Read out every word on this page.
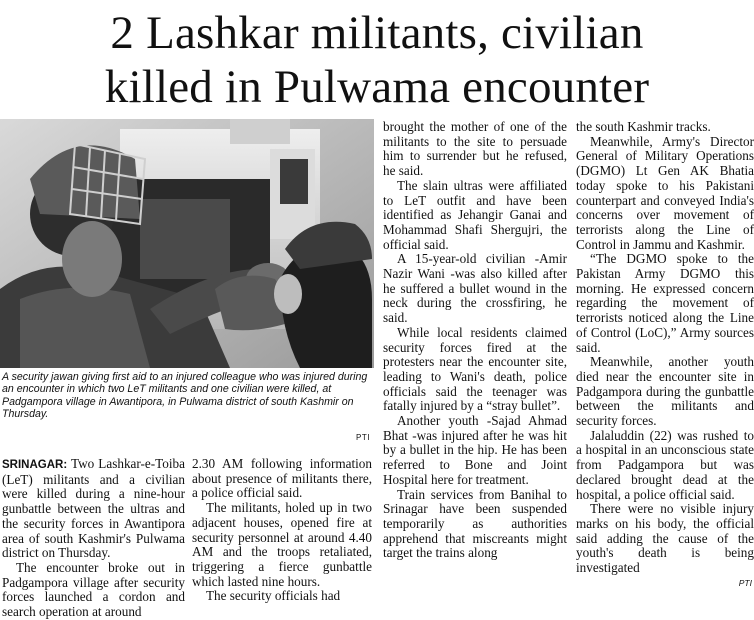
2 Lashkar militants, civilian
killed in Pulwama encounter
A security jawan giving first aid to an injured colleague who was injured during an encounter in which two LeT militants and one civilian were killed, at Padgampora village in Awantipora, in Pulwama district of south Kashmir on Thursday.
PTI

SRINAGAR: Two Lashkar-e-Toiba (LeT) militants and a civilian were killed during a nine-hour gunbattle between the ultras and the security forces in Awantipora area of south Kashmir's Pulwama district on Thursday.

The encounter broke out in Padgampora village after security forces launched a cordon and search operation at around

2.30 AM following information about presence of militants there, a police official said.

The militants, holed up in two adjacent houses, opened fire at security personnel at around 4.40 AM and the troops retaliated, triggering a fierce gunbattle which lasted nine hours.

The security officials had

brought the mother of one of the militants to the site to persuade him to surrender but he refused, he said.

The slain ultras were affiliated to LeT outfit and have been identified as Jehangir Ganai and Mohammad Shafi Shergujri, the official said.

A 15-year-old civilian -Amir Nazir Wani -was also killed after he suffered a bullet wound in the neck during the crossfiring, he said.

While local residents claimed security forces fired at the protesters near the encounter site, leading to Wani's death, police officials said the teenager was fatally injured by a “stray bullet”.

Another youth -Sajad Ahmad Bhat -was injured after he was hit by a bullet in the hip. He has been referred to Bone and Joint Hospital here for treatment.

Train services from Banihal to Srinagar have been suspended temporarily as authorities apprehend that miscreants might target the trains along

the south Kashmir tracks.

Meanwhile, Army's Director General of Military Operations (DGMO) Lt Gen AK Bhatia today spoke to his Pakistani counterpart and conveyed India's concerns over movement of terrorists along the Line of Control in Jammu and Kashmir.

“The DGMO spoke to the Pakistan Army DGMO this morning. He expressed concern regarding the movement of terrorists noticed along the Line of Control (LoC),” Army sources said.

Meanwhile, another youth died near the encounter site in Padgampora during the gunbattle between the militants and security forces.

Jalaluddin (22) was rushed to a hospital in an unconscious state from Padgampora but was declared brought dead at the hospital, a police official said.

There were no visible injury marks on his body, the official said adding the cause of the youth's death is being investigated

PTI
